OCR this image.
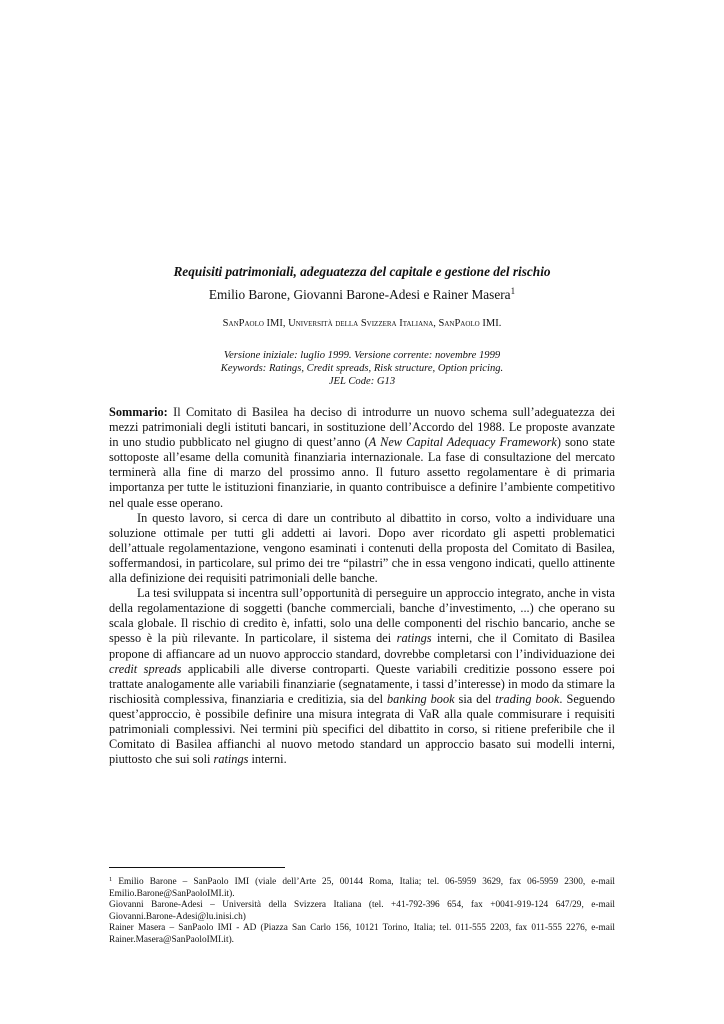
Requisiti patrimoniali, adeguatezza del capitale e gestione del rischio
Emilio Barone, Giovanni Barone-Adesi e Rainer Masera$^1$
SanPaolo IMI, Università della Svizzera Italiana, SanPaolo IMI.
Versione iniziale: luglio 1999. Versione corrente: novembre 1999
Keywords: Ratings, Credit spreads, Risk structure, Option pricing.
JEL Code: G13

Sommario: Il Comitato di Basilea ha deciso di introdurre un nuovo schema sull’adeguatezza dei mezzi patrimoniali degli istituti bancari, in sostituzione dell’Accordo del 1988. Le proposte avanzate in uno studio pubblicato nel giugno di quest’anno (A New Capital Adequacy Framework) sono state sottoposte all’esame della comunità finanziaria internazionale. La fase di consultazione del mercato terminerà alla fine di marzo del prossimo anno. Il futuro assetto regolamentare è di primaria importanza per tutte le istituzioni finanziarie, in quanto contribuisce a definire l’ambiente competitivo nel quale esse operano.

In questo lavoro, si cerca di dare un contributo al dibattito in corso, volto a individuare una soluzione ottimale per tutti gli addetti ai lavori. Dopo aver ricordato gli aspetti problematici dell’attuale regolamentazione, vengono esaminati i contenuti della proposta del Comitato di Basilea, soffermandosi, in particolare, sul primo dei tre “pilastri” che in essa vengono indicati, quello attinente alla definizione dei requisiti patrimoniali delle banche.

La tesi sviluppata si incentra sull’opportunità di perseguire un approccio integrato, anche in vista della regolamentazione di soggetti (banche commerciali, banche d’investimento, ...) che operano su scala globale. Il rischio di credito è, infatti, solo una delle componenti del rischio bancario, anche se spesso è la più rilevante. In particolare, il sistema dei ratings interni, che il Comitato di Basilea propone di affiancare ad un nuovo approccio standard, dovrebbe completarsi con l’individuazione dei credit spreads applicabili alle diverse controparti. Queste variabili creditizie possono essere poi trattate analogamente alle variabili finanziarie (segnatamente, i tassi d’interesse) in modo da stimare la rischiosità complessiva, finanziaria e creditizia, sia del banking book sia del trading book. Seguendo quest’approccio, è possibile definire una misura integrata di VaR alla quale commisurare i requisiti patrimoniali complessivi. Nei termini più specifici del dibattito in corso, si ritiene preferibile che il Comitato di Basilea affianchi al nuovo metodo standard un approccio basato sui modelli interni, piuttosto che sui soli ratings interni.

$^1$ Emilio Barone – SanPaolo IMI (viale dell’Arte 25, 00144 Roma, Italia; tel. 06-5959 3629, fax 06-5959 2300, e-mail Emilio.Barone@SanPaoloIMI.it).

Giovanni Barone-Adesi – Università della Svizzera Italiana (tel. +41-792-396 654, fax +0041-919-124 647/29, e-mail Giovanni.Barone-Adesi@lu.inisi.ch)

Rainer Masera – SanPaolo IMI - AD (Piazza San Carlo 156, 10121 Torino, Italia; tel. 011-555 2203, fax 011-555 2276, e-mail Rainer.Masera@SanPaoloIMI.it).
